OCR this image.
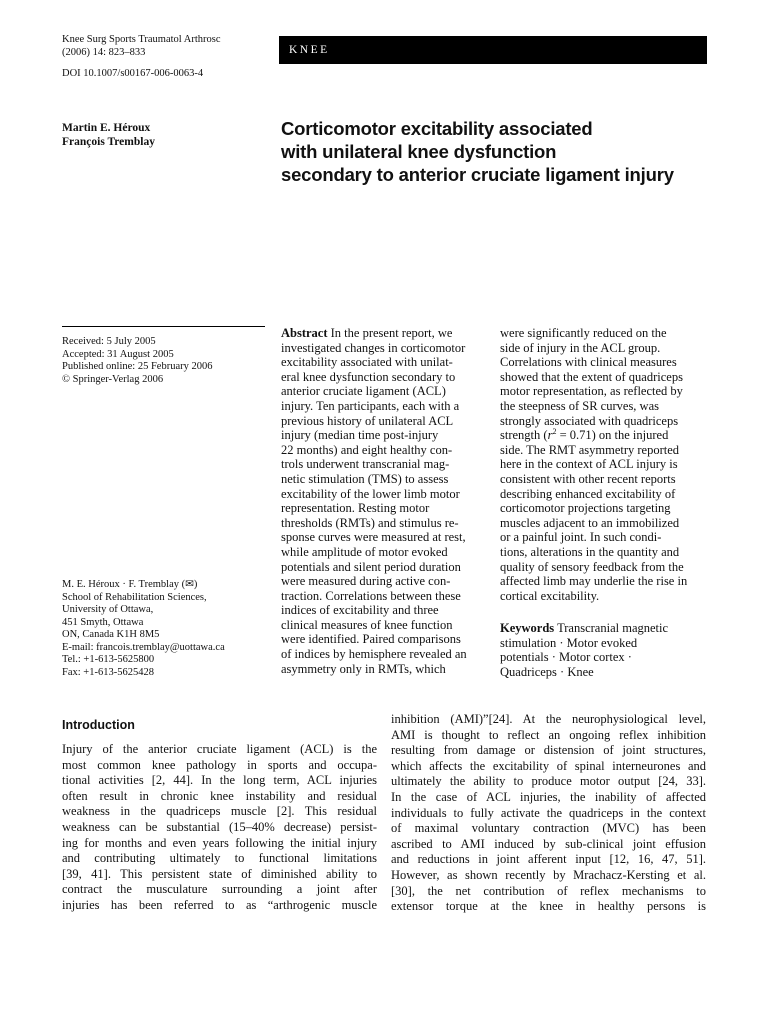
Knee Surg Sports Traumatol Arthrosc
(2006) 14: 823–833	KNEE
DOI 10.1007/s00167-006-0063-4
Martin E. Héroux
François Tremblay
Corticomotor excitability associated
with unilateral knee dysfunction
secondary to anterior cruciate ligament injury
Received: 5 July 2005
Accepted: 31 August 2005
Published online: 25 February 2006
© Springer-Verlag 2006
M. E. Héroux · F. Tremblay (✉)
School of Rehabilitation Sciences,
University of Ottawa,
451 Smyth, Ottawa
ON, Canada K1H 8M5
E-mail: francois.tremblay@uottawa.ca
Tel.: +1-613-5625800
Fax: +1-613-5625428
Abstract In the present report, we
investigated changes in corticomotor
excitability associated with unilat-
eral knee dysfunction secondary to
anterior cruciate ligament (ACL)
injury. Ten participants, each with a
previous history of unilateral ACL
injury (median time post-injury
22 months) and eight healthy con-
trols underwent transcranial mag-
netic stimulation (TMS) to assess
excitability of the lower limb motor
representation. Resting motor
thresholds (RMTs) and stimulus re-
sponse curves were measured at rest,
while amplitude of motor evoked
potentials and silent period duration
were measured during active con-
traction. Correlations between these
indices of excitability and three
clinical measures of knee function
were identified. Paired comparisons
of indices by hemisphere revealed an
asymmetry only in RMTs, which
were significantly reduced on the
side of injury in the ACL group.
Correlations with clinical measures
showed that the extent of quadriceps
motor representation, as reflected by
the steepness of SR curves, was
strongly associated with quadriceps
strength $(r^2 = 0.71)$ on the injured
side. The RMT asymmetry reported
here in the context of ACL injury is
consistent with other recent reports
describing enhanced excitability of
corticomotor projections targeting
muscles adjacent to an immobilized
or a painful joint. In such condi-
tions, alterations in the quantity and
quality of sensory feedback from the
affected limb may underlie the rise in
cortical excitability.
Keywords Transcranial magnetic
stimulation · Motor evoked
potentials · Motor cortex ·
Quadriceps · Knee
Introduction
Injury of the anterior cruciate ligament (ACL) is the
most common knee pathology in sports and occupa-
tional activities [2, 44]. In the long term, ACL injuries
often result in chronic knee instability and residual
weakness in the quadriceps muscle [2]. This residual
weakness can be substantial (15–40% decrease) persist-
ing for months and even years following the initial injury
and contributing ultimately to functional limitations
[39, 41]. This persistent state of diminished ability to
contract the musculature surrounding a joint after
injuries has been referred to as “arthrogenic muscle
inhibition (AMI)”[24]. At the neurophysiological level,
AMI is thought to reflect an ongoing reflex inhibition
resulting from damage or distension of joint structures,
which affects the excitability of spinal interneurones and
ultimately the ability to produce motor output [24, 33].
In the case of ACL injuries, the inability of affected
individuals to fully activate the quadriceps in the context
of maximal voluntary contraction (MVC) has been
ascribed to AMI induced by sub-clinical joint effusion
and reductions in joint afferent input [12, 16, 47, 51].
However, as shown recently by Mrachacz-Kersting et al.
[30], the net contribution of reflex mechanisms to
extensor torque at the knee in healthy persons is
